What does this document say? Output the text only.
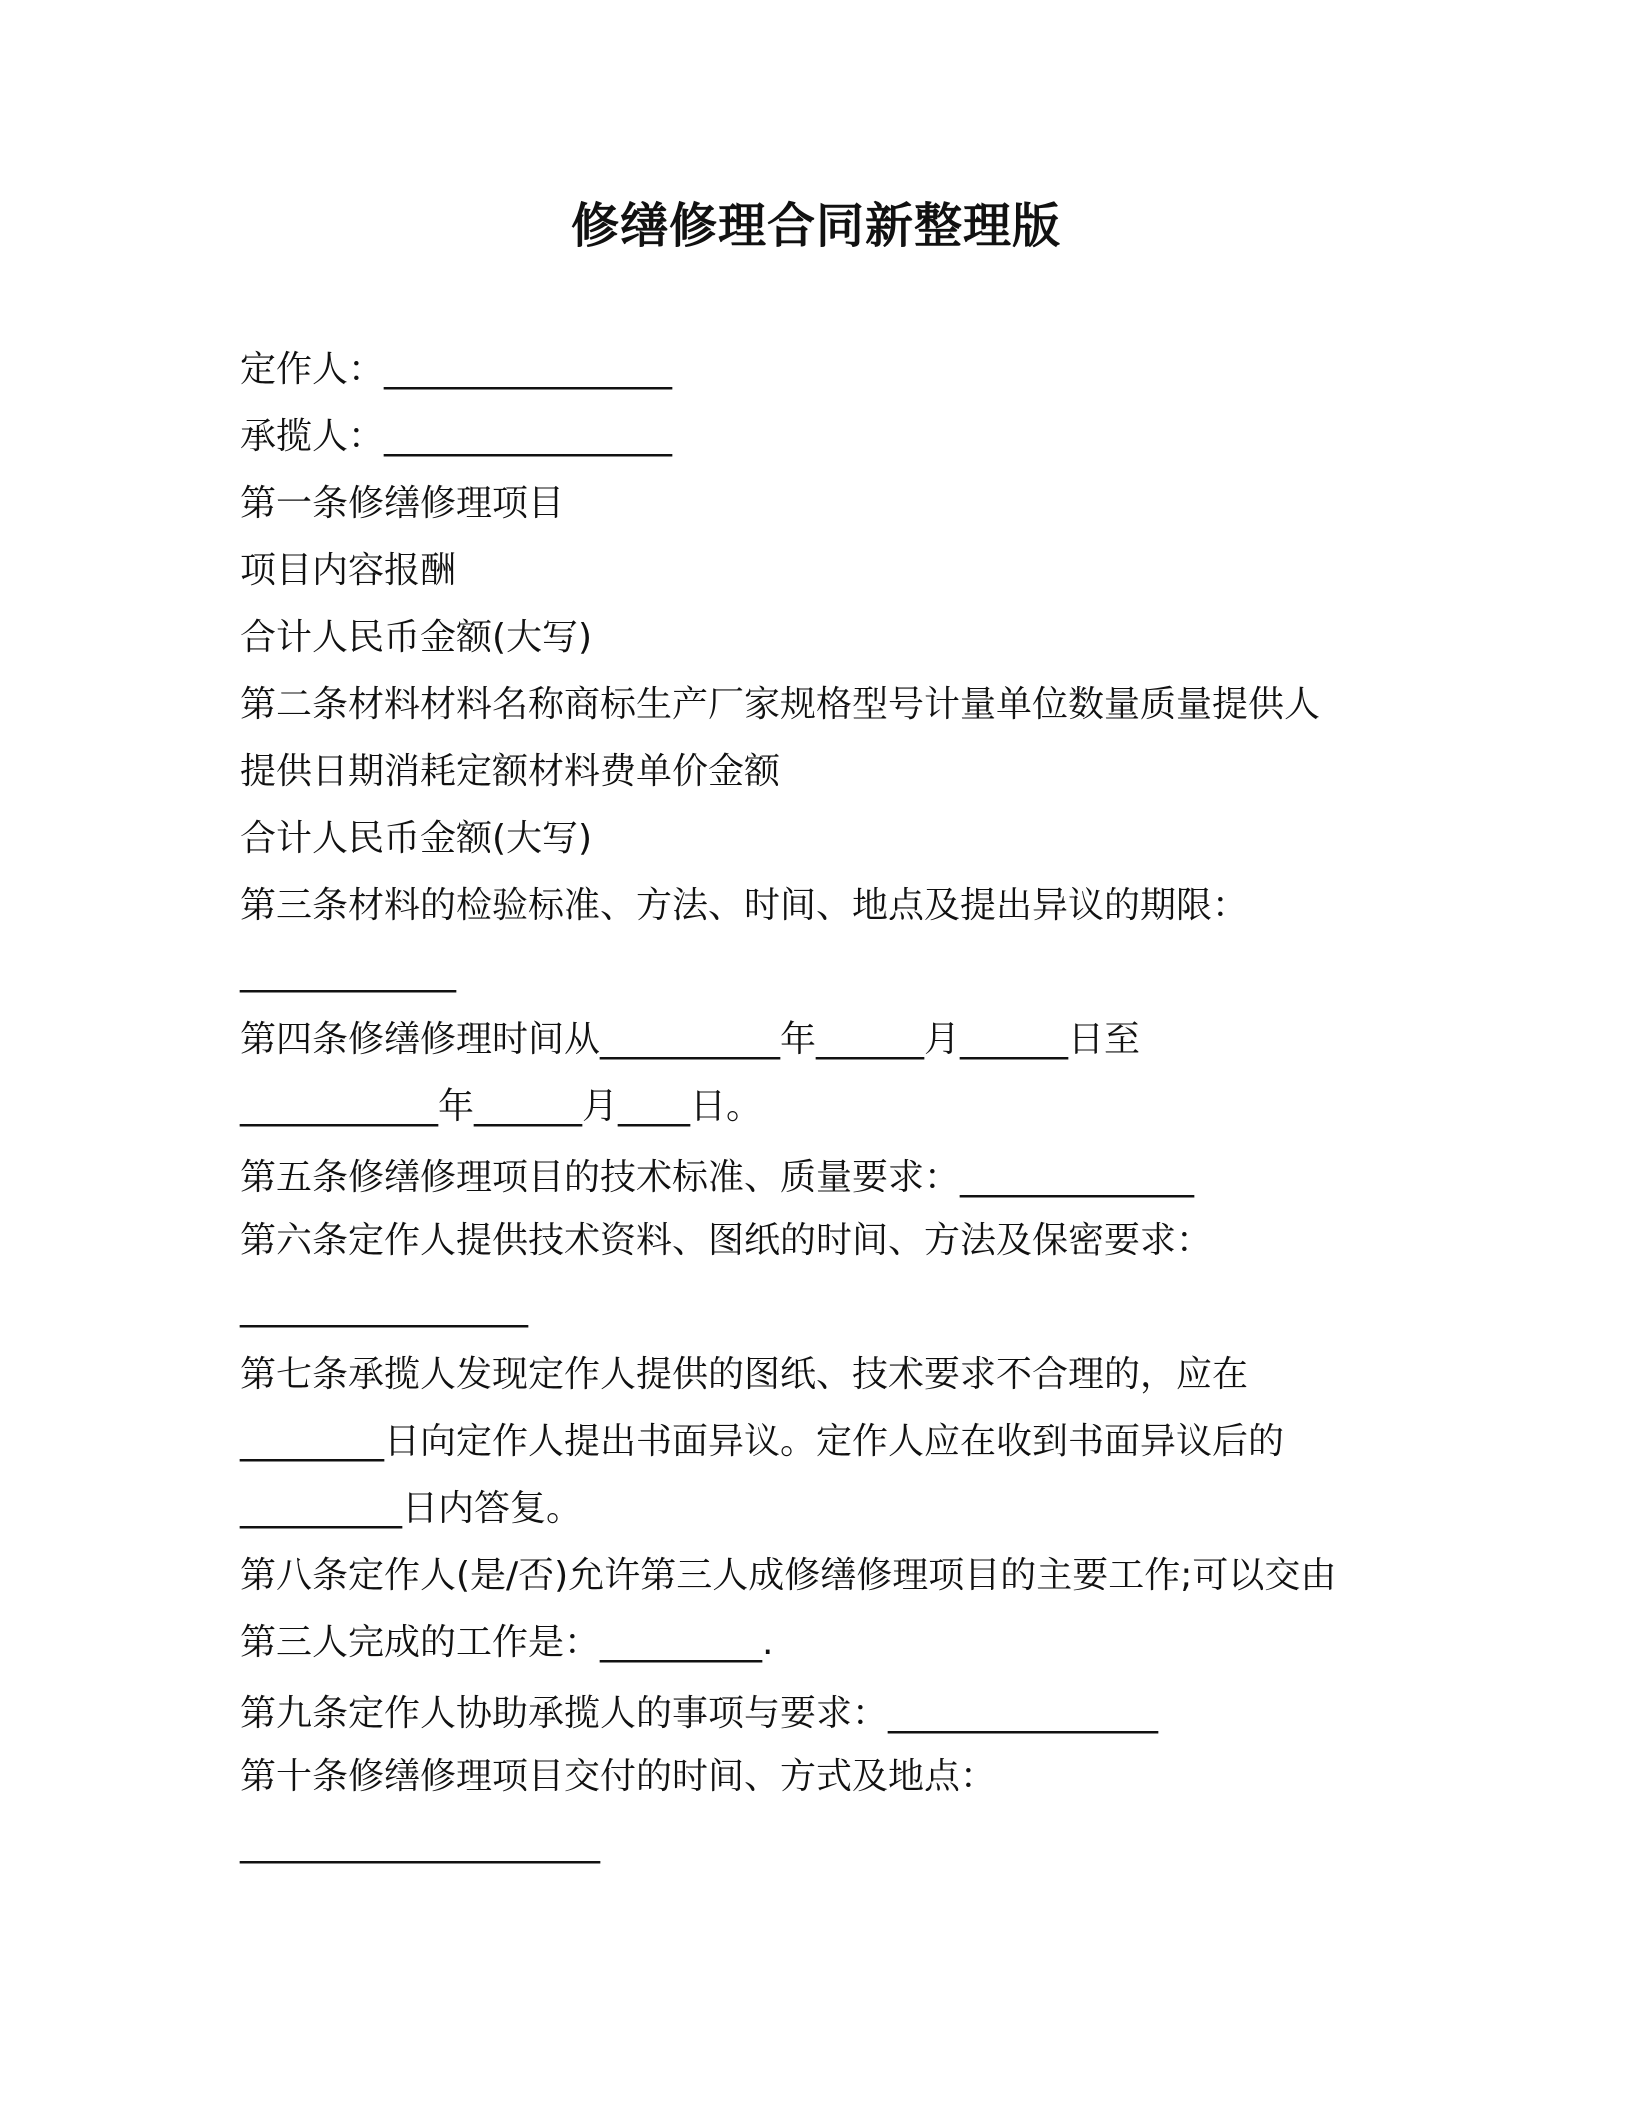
修缮修理合同新整理版
定作人：________________
承揽人：________________
第一条修缮修理项目
项目内容报酬
合计人民币金额(大写)
第二条材料材料名称商标生产厂家规格型号计量单位数量质量提供人
提供日期消耗定额材料费单价金额
合计人民币金额(大写)
第三条材料的检验标准、方法、时间、地点及提出异议的期限：
____________
第四条修缮修理时间从__________年______月______日至
___________年______月____日。
第五条修缮修理项目的技术标准、质量要求：_____________
第六条定作人提供技术资料、图纸的时间、方法及保密要求：
________________
第七条承揽人发现定作人提供的图纸、技术要求不合理的，应在
________日向定作人提出书面异议。定作人应在收到书面异议后的
_________日内答复。
第八条定作人(是/否)允许第三人成修缮修理项目的主要工作;可以交由
第三人完成的工作是：_________.
第九条定作人协助承揽人的事项与要求：_______________
第十条修缮修理项目交付的时间、方式及地点：
____________________
